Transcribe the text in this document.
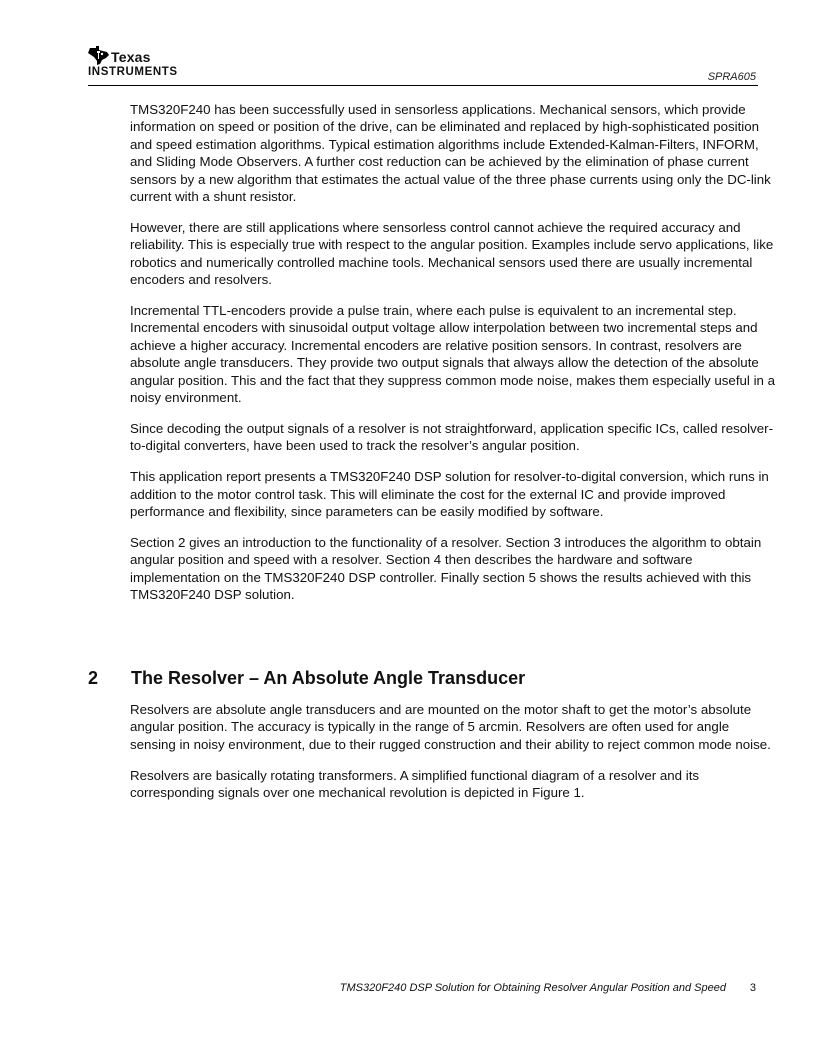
Texas
INSTRUMENTS	SPRA605

TMS320F240 has been successfully used in sensorless applications. Mechanical sensors, which provide information on speed or position of the drive, can be eliminated and replaced by high-sophisticated position and speed estimation algorithms. Typical estimation algorithms include Extended-Kalman-Filters, INFORM, and Sliding Mode Observers. A further cost reduction can be achieved by the elimination of phase current sensors by a new algorithm that estimates the actual value of the three phase currents using only the DC-link current with a shunt resistor.

However, there are still applications where sensorless control cannot achieve the required accuracy and reliability. This is especially true with respect to the angular position. Examples include servo applications, like robotics and numerically controlled machine tools. Mechanical sensors used there are usually incremental encoders and resolvers.

Incremental TTL-encoders provide a pulse train, where each pulse is equivalent to an incremental step. Incremental encoders with sinusoidal output voltage allow interpolation between two incremental steps and achieve a higher accuracy. Incremental encoders are relative position sensors. In contrast, resolvers are absolute angle transducers. They provide two output signals that always allow the detection of the absolute angular position. This and the fact that they suppress common mode noise, makes them especially useful in a noisy environment.

Since decoding the output signals of a resolver is not straightforward, application specific ICs, called resolver-to-digital converters, have been used to track the resolver’s angular position.

This application report presents a TMS320F240 DSP solution for resolver-to-digital conversion, which runs in addition to the motor control task. This will eliminate the cost for the external IC and provide improved performance and flexibility, since parameters can be easily modified by software.

Section 2 gives an introduction to the functionality of a resolver. Section 3 introduces the algorithm to obtain angular position and speed with a resolver. Section 4 then describes the hardware and software implementation on the TMS320F240 DSP controller. Finally section 5 shows the results achieved with this TMS320F240 DSP solution.

2 The Resolver – An Absolute Angle Transducer

Resolvers are absolute angle transducers and are mounted on the motor shaft to get the motor’s absolute angular position. The accuracy is typically in the range of 5 arcmin. Resolvers are often used for angle sensing in noisy environment, due to their rugged construction and their ability to reject common mode noise.

Resolvers are basically rotating transformers. A simplified functional diagram of a resolver and its corresponding signals over one mechanical revolution is depicted in Figure 1.

TMS320F240 DSP Solution for Obtaining Resolver Angular Position and Speed 3
